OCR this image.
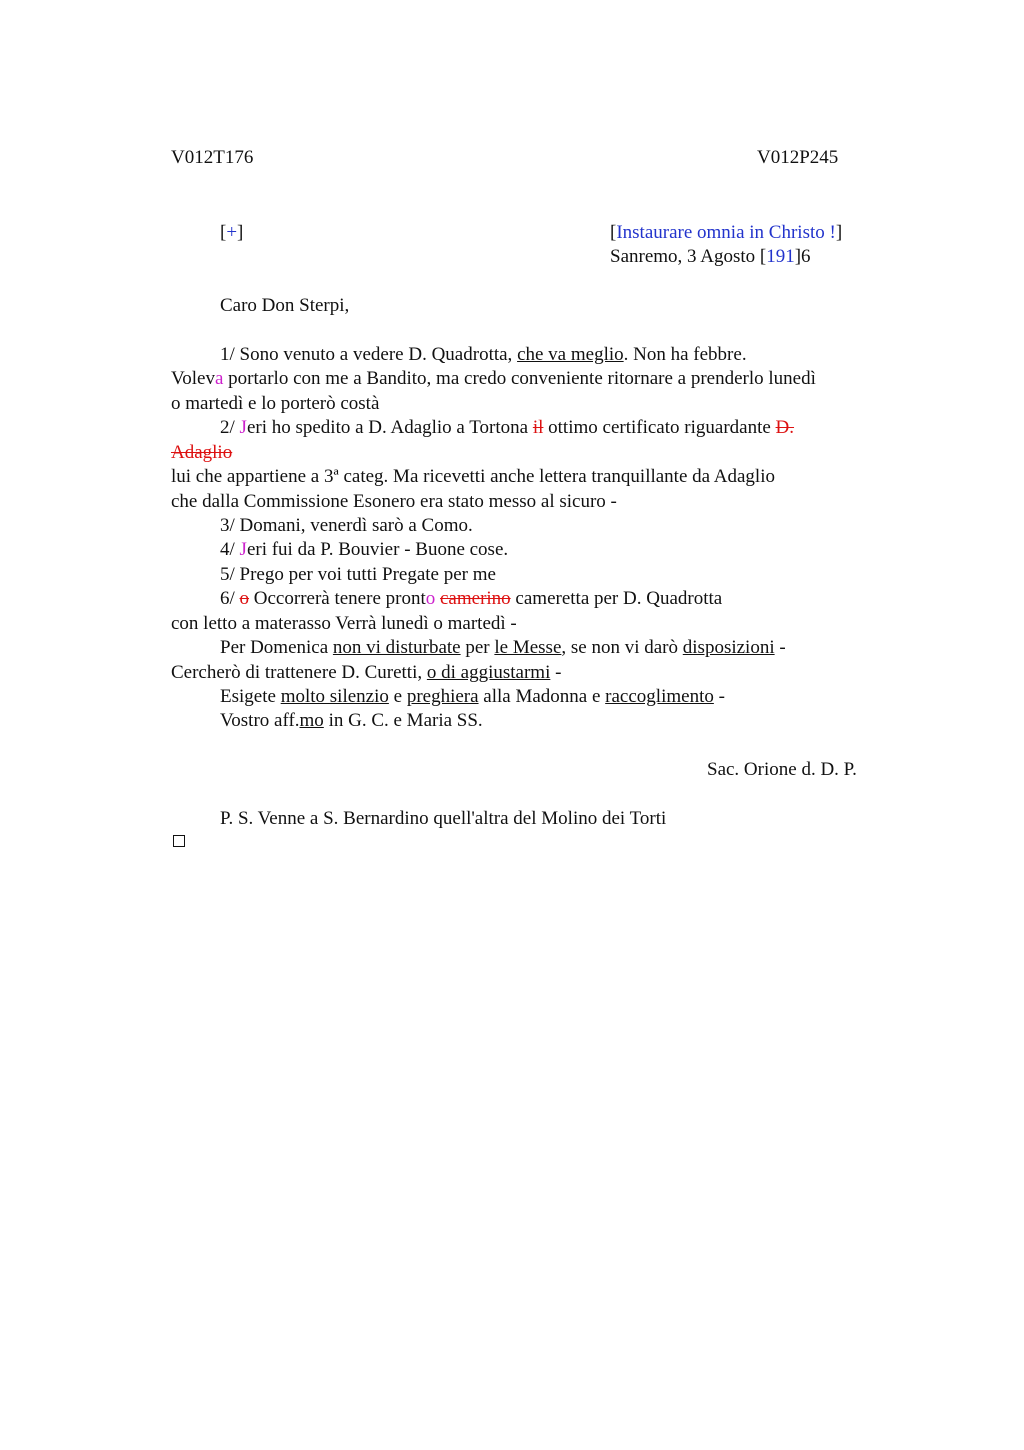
V012T176	V012P245
[+]	[Instaurare omnia in Christo !]
Sanremo, 3 Agosto [191]6
Caro Don Sterpi,
1/ Sono venuto a vedere D. Quadrotta, che va meglio. Non ha febbre.
Voleva portarlo con me a Bandito, ma credo conveniente ritornare a prenderlo lunedì
o martedì e lo porterò costà
2/ Jeri ho spedito a D. Adaglio a Tortona il ottimo certificato riguardante D.
Adaglio
lui che appartiene a 3ª categ. Ma ricevetti anche lettera tranquillante da Adaglio
che dalla Commissione Esonero era stato messo al sicuro -
3/ Domani, venerdì sarò a Como.
4/ Jeri fui da P. Bouvier - Buone cose.
5/ Prego per voi tutti Pregate per me
6/ o Occorrerà tenere pronto camerino cameretta per D. Quadrotta
con letto a materasso Verrà lunedì o martedì -
Per Domenica non vi disturbate per le Messe, se non vi darò disposizioni -
Cercherò di trattenere D. Curetti, o di aggiustarmi -
Esigete molto silenzio e preghiera alla Madonna e raccoglimento -
Vostro aff.mo in G. C. e Maria SS.
Sac. Orione d. D. P.
P. S. Venne a S. Bernardino quell'altra del Molino dei Torti
